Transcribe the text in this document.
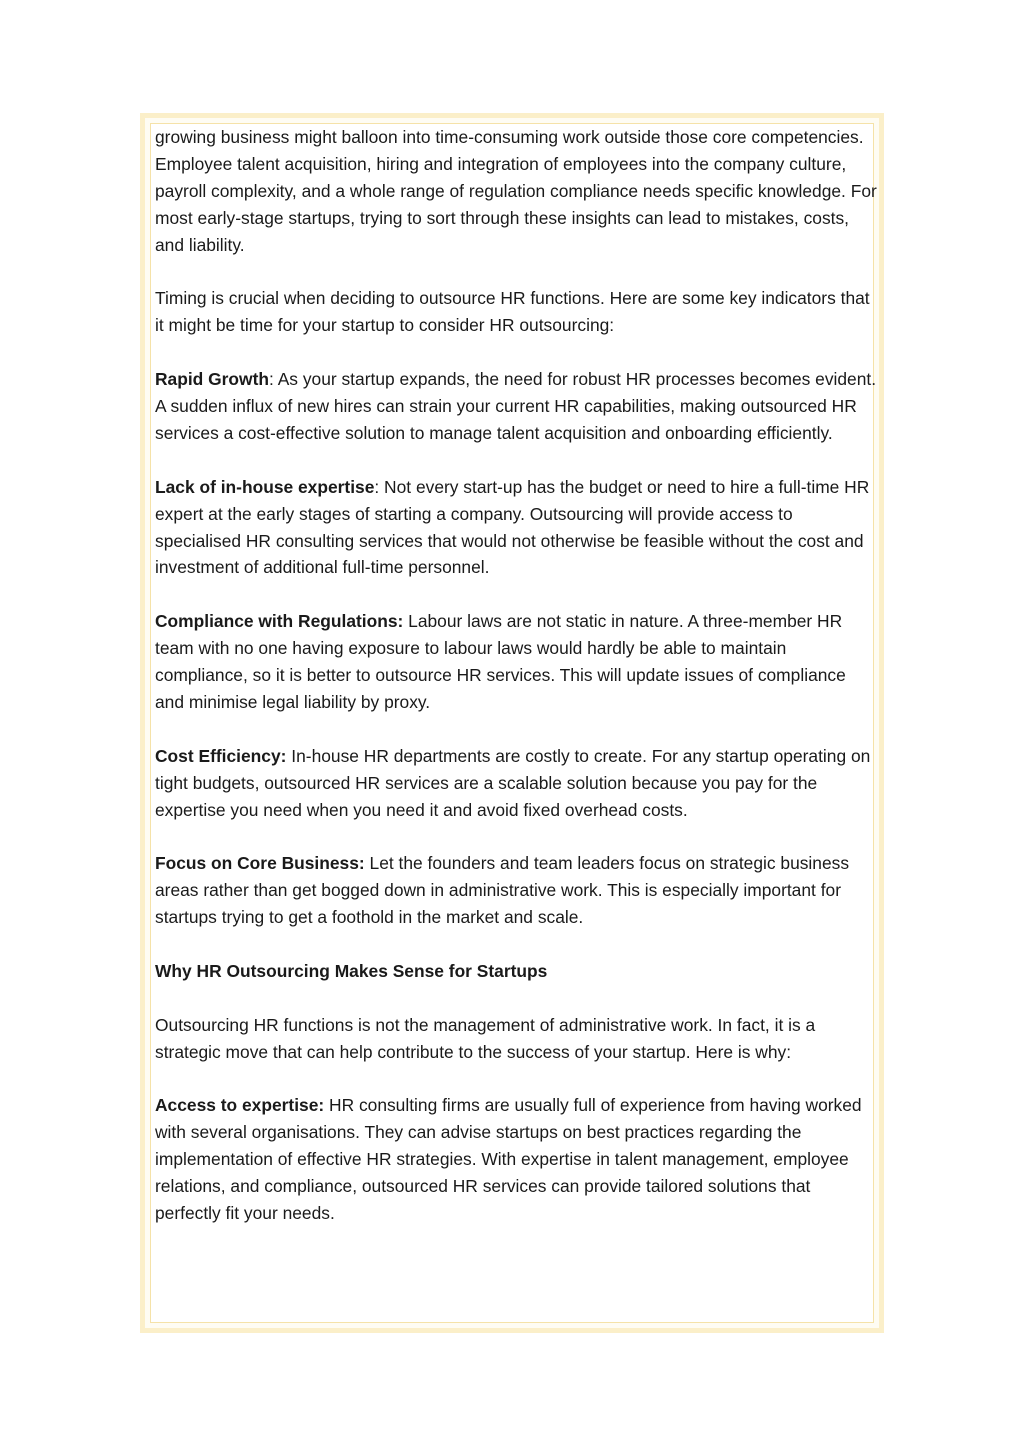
growing business might balloon into time-consuming work outside those core competencies. Employee talent acquisition, hiring and integration of employees into the company culture, payroll complexity, and a whole range of regulation compliance needs specific knowledge. For most early-stage startups, trying to sort through these insights can lead to mistakes, costs, and liability.

Timing is crucial when deciding to outsource HR functions. Here are some key indicators that it might be time for your startup to consider HR outsourcing:

Rapid Growth: As your startup expands, the need for robust HR processes becomes evident. A sudden influx of new hires can strain your current HR capabilities, making outsourced HR services a cost-effective solution to manage talent acquisition and onboarding efficiently.

Lack of in-house expertise: Not every start-up has the budget or need to hire a full-time HR expert at the early stages of starting a company. Outsourcing will provide access to specialised HR consulting services that would not otherwise be feasible without the cost and investment of additional full-time personnel.

Compliance with Regulations: Labour laws are not static in nature. A three-member HR team with no one having exposure to labour laws would hardly be able to maintain compliance, so it is better to outsource HR services. This will update issues of compliance and minimise legal liability by proxy.

Cost Efficiency: In-house HR departments are costly to create. For any startup operating on tight budgets, outsourced HR services are a scalable solution because you pay for the expertise you need when you need it and avoid fixed overhead costs.

Focus on Core Business: Let the founders and team leaders focus on strategic business areas rather than get bogged down in administrative work. This is especially important for startups trying to get a foothold in the market and scale.

Why HR Outsourcing Makes Sense for Startups

Outsourcing HR functions is not the management of administrative work. In fact, it is a strategic move that can help contribute to the success of your startup. Here is why:

Access to expertise: HR consulting firms are usually full of experience from having worked with several organisations. They can advise startups on best practices regarding the implementation of effective HR strategies. With expertise in talent management, employee relations, and compliance, outsourced HR services can provide tailored solutions that perfectly fit your needs.
